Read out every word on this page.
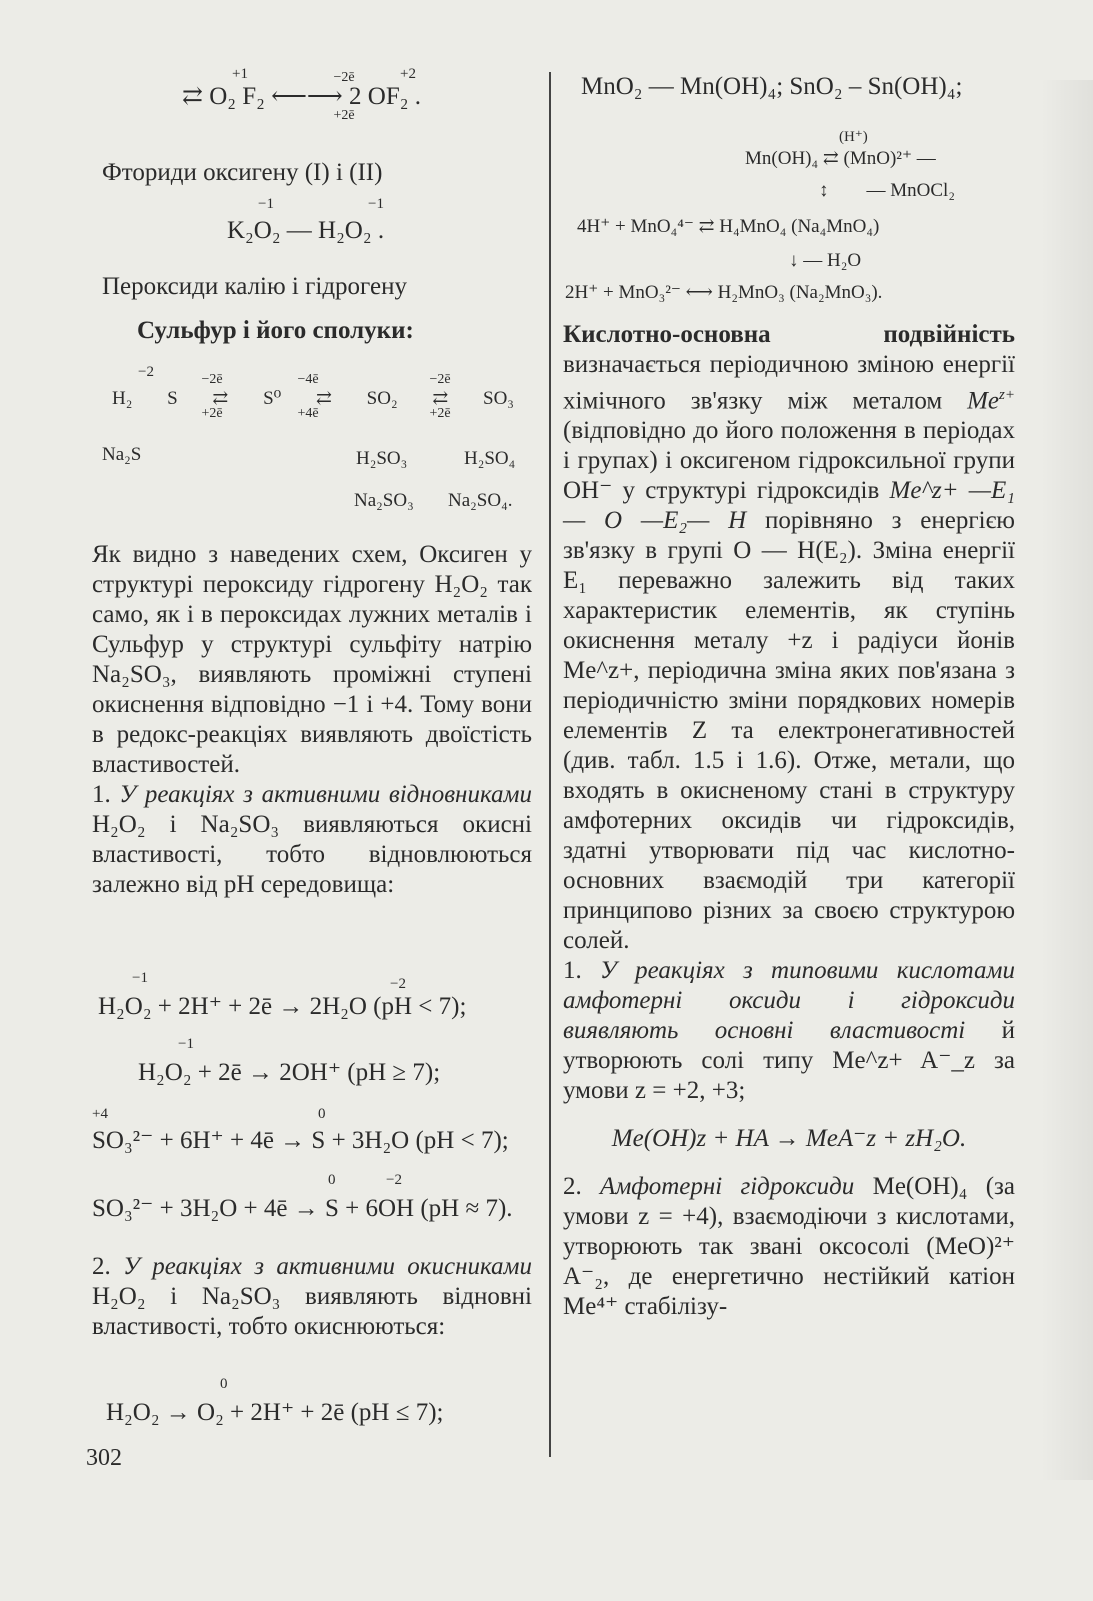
+1	+2
−2ē
+2ē
⇄ O₂ F₂ ⟵⟶ 2 OF₂ .
Фториди оксигену (I) і (II)
−1	−1
K₂O₂ — H₂O₂ .
Пероксиди калію і гідрогену
Сульфур і його сполуки:
−2	−2ē
+2ē
−4ē
+4ē
−2ē
+2ē
H₂ S ⇄ S⁰ ⇄ SO₂ ⇄ SO₃
Na₂S	H₂SO₃	H₂SO₄
Na₂SO₃ Na₂SO₄.

Як видно з наведених схем, Оксиген у структурі пероксиду гідрогену H₂O₂ так само, як і в пероксидах лужних металів і Сульфур у структурі сульфіту натрію Na₂SO₃, виявляють проміжні ступені окиснення відповідно −1 і +4. Тому вони в редокс-реакціях виявляють двоїстість властивостей.

1. У реакціях з активними відновниками H₂O₂ і Na₂SO₃ виявляються окисні властивості, тобто відновлюються залежно від pH середовища:

−1	−2
H₂O₂ + 2H⁺ + 2ē → 2H₂O (pH < 7);
−1
H₂O₂ + 2ē → 2OH⁺ (pH ≥ 7);
+4	0
SO₃²⁻ + 6H⁺ + 4ē → S + 3H₂O (pH < 7);
0	−2
SO₃²⁻ + 3H₂O + 4ē → S + 6OH (pH ≈ 7).

2. У реакціях з активними окисниками H₂O₂ і Na₂SO₃ виявляють відновні властивості, тобто окиснюються:

0
H₂O₂ → O₂ + 2H⁺ + 2ē (pH ≤ 7);
MnO₂ — Mn(OH)₄; SnO₂ – Sn(OH)₄;
(H⁺)
Mn(OH)₄ ⇄ (MnO)²⁺ —
↕        — MnOCl₂
4H⁺ + MnO₄⁴⁻ ⇄ H₄MnO₄ (Na₄MnO₄)
↓ — H₂O
2H⁺ + MnO₃²⁻ ⟷ H₂MnO₃ (Na₂MnO₃).

Кислотно-основна подвійність визначається періодичною зміною енергії хімічного зв'язку між металом $Me^{z+}$ (відповідно до його положення в періодах і групах) і оксигеном гідроксильної групи OH⁻ у структурі гідроксидів Me^z+ —E₁— O —E₂— H порівняно з енергією зв'язку в групі O — H(E₂). Зміна енергії E₁ переважно залежить від таких характеристик елементів, як ступінь окиснення металу +z і радіуси йонів Me^z+, періодична зміна яких пов'язана з періодичністю зміни порядкових номерів елементів Z та електронегативностей (див. табл. 1.5 і 1.6). Отже, метали, що входять в окисненому стані в структуру амфотерних оксидів чи гідроксидів, здатні утворювати під час кислотно-основних взаємодій три категорії принципово різних за своєю структурою солей.

1. У реакціях з типовими кислотами амфотерні оксиди і гідроксиди виявляють основні властивості й утворюють солі типу Me^z+ A⁻_z за умови z = +2, +3;

Me(OH)z + HA → MeA⁻z + zH₂O.

2. Амфотерні гідроксиди Me(OH)₄ (за умови z = +4), взаємодіючи з кислотами, утворюють так звані оксосолі (MeO)²⁺ A⁻₂, де енергетично нестійкий катіон Me⁴⁺ стабілізу-

302
